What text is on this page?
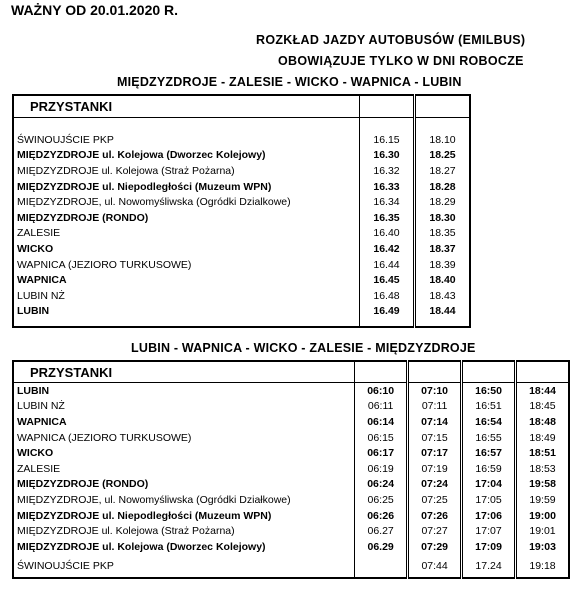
WAŻNY OD 20.01.2020 R.
ROZKŁAD JAZDY AUTOBUSÓW (EMILBUS)
OBOWIĄZUJE TYLKO W DNI ROBOCZE
MIĘDZYZDROJE - ZALESIE - WICKO - WAPNICA - LUBIN
PRZYSTANKI		

ŚWINOUJŚCIE PKP	16.15	18.10
MIĘDZYZDROJE ul. Kolejowa (Dworzec Kolejowy)	16.30	18.25
MIĘDZYZDROJE ul. Kolejowa (Straż Pożarna)	16.32	18.27
MIĘDZYZDROJE ul. Niepodległości (Muzeum WPN)	16.33	18.28
MIĘDZYZDROJE, ul. Nowomyśliwska (Ogródki Dzialkowe)	16.34	18.29
MIĘDZYZDROJE (RONDO)	16.35	18.30
ZALESIE	16.40	18.35
WICKO	16.42	18.37
WAPNICA (JEZIORO TURKUSOWE)	16.44	18.39
WAPNICA	16.45	18.40
LUBIN NŻ	16.48	18.43
LUBIN	16.49	18.44

LUBIN - WAPNICA - WICKO - ZALESIE - MIĘDZYZDROJE
PRZYSTANKI				
LUBIN	06:10	07:10	16:50	18:44
LUBIN NŻ	06:11	07:11	16:51	18:45
WAPNICA	06:14	07:14	16:54	18:48
WAPNICA (JEZIORO TURKUSOWE)	06:15	07:15	16:55	18:49
WICKO	06:17	07:17	16:57	18:51
ZALESIE	06:19	07:19	16:59	18:53
MIĘDZYZDROJE (RONDO)	06:24	07:24	17:04	19:58
MIĘDZYZDROJE, ul. Nowomyśliwska (Ogródki Działkowe)	06:25	07:25	17:05	19:59
MIĘDZYZDROJE ul. Niepodległości (Muzeum WPN)	06:26	07:26	17:06	19:00
MIĘDZYZDROJE ul. Kolejowa (Straż Pożarna)	06.27	07:27	17:07	19:01
MIĘDZYZDROJE ul. Kolejowa (Dworzec Kolejowy)	06.29	07:29	17:09	19:03
ŚWINOUJŚCIE PKP		07:44	17.24	19:18
